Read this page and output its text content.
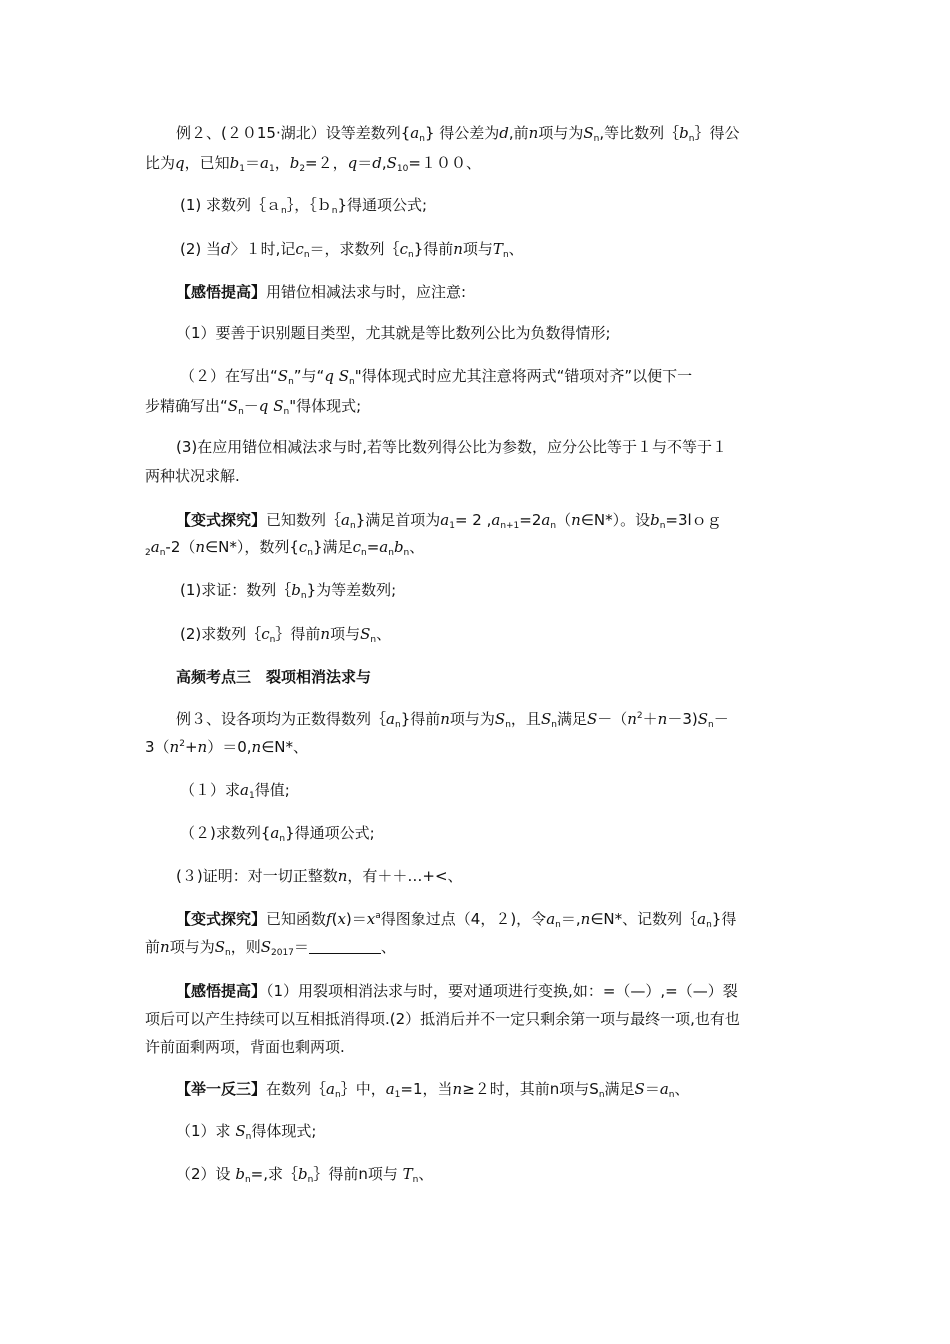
例２、(２０15·湖北）设等差数列$\{a_n\}$ 得公差为d,前n项与为$S_n$,等比数列$\{b_n\}$得公
比为q，已知$b_1=a_1$，$b_2=2$，$q=d,S_{10}=100$、
(1) 求数列｛ａ$_n$｝，｛ｂ$_n$}得通项公式;
(2) 当d〉１时,记$c_n=$，求数列$\{c_n$}得前n项与$T_n$、
【感悟提高】用错位相减法求与时，应注意:
（1）要善于识别题目类型，尤其就是等比数列公比为负数得情形;
（２）在写出“$S_n$”与“q $S_n$"得体现式时应尤其注意将两式“错项对齐”以便下一
步精确写出“$S_n-q$ $S_n$"得体现式;
(3)在应用错位相减法求与时,若等比数列得公比为参数，应分公比等于１与不等于１
两种状况求解.
【变式探究】已知数列$\{a_n$}满足首项为$a_1= 2$ $,a_{n+1}=2a_n(n\in N*)$。设$b_n=3log$
$_2a_n-2(n\in N*)$，数列$\{c_n\}$满足$c_n=a_nb_n$、
(1)求证：数列$\{b_n$}为等差数列;
(2)求数列$\{c_n\}$得前n项与$S_n$、
高频考点三　裂项相消法求与
例３、设各项均为正数得数列$\{a_n$}得前n项与为$S_n$，且$S_n$满足$S-(n^2+n-3)S_n-$
$3(n^2+n)=0,n\in N*$、
（１）求$a_1$得值;
（２)求数列$\{a_n\}$得通项公式;
(３)证明：对一切正整数n，有＋＋…+<、
【变式探究】已知函数$f(x)=x^a$得图象过点（4，２)，令$a_n=,n\in N*$、记数列$\{a_n$}得
前n项与为$S_n$，则$S_{2017}=$	、
【感悟提高】（1）用裂项相消法求与时，要对通项进行变换,如：=（—）,=（—）裂
项后可以产生持续可以互相抵消得项.(2）抵消后并不一定只剩余第一项与最终一项,也有也
许前面剩两项，背面也剩两项.
【举一反三】在数列$\{a_n\}$中，$a_1=1$，当n≥２时，其前n项与$S_n$满足$S=a_n$、
（1）求 $S_n$得体现式;
（2）设 $b_n=$,求$\{b_n\}$得前n项与 $T_n$、
